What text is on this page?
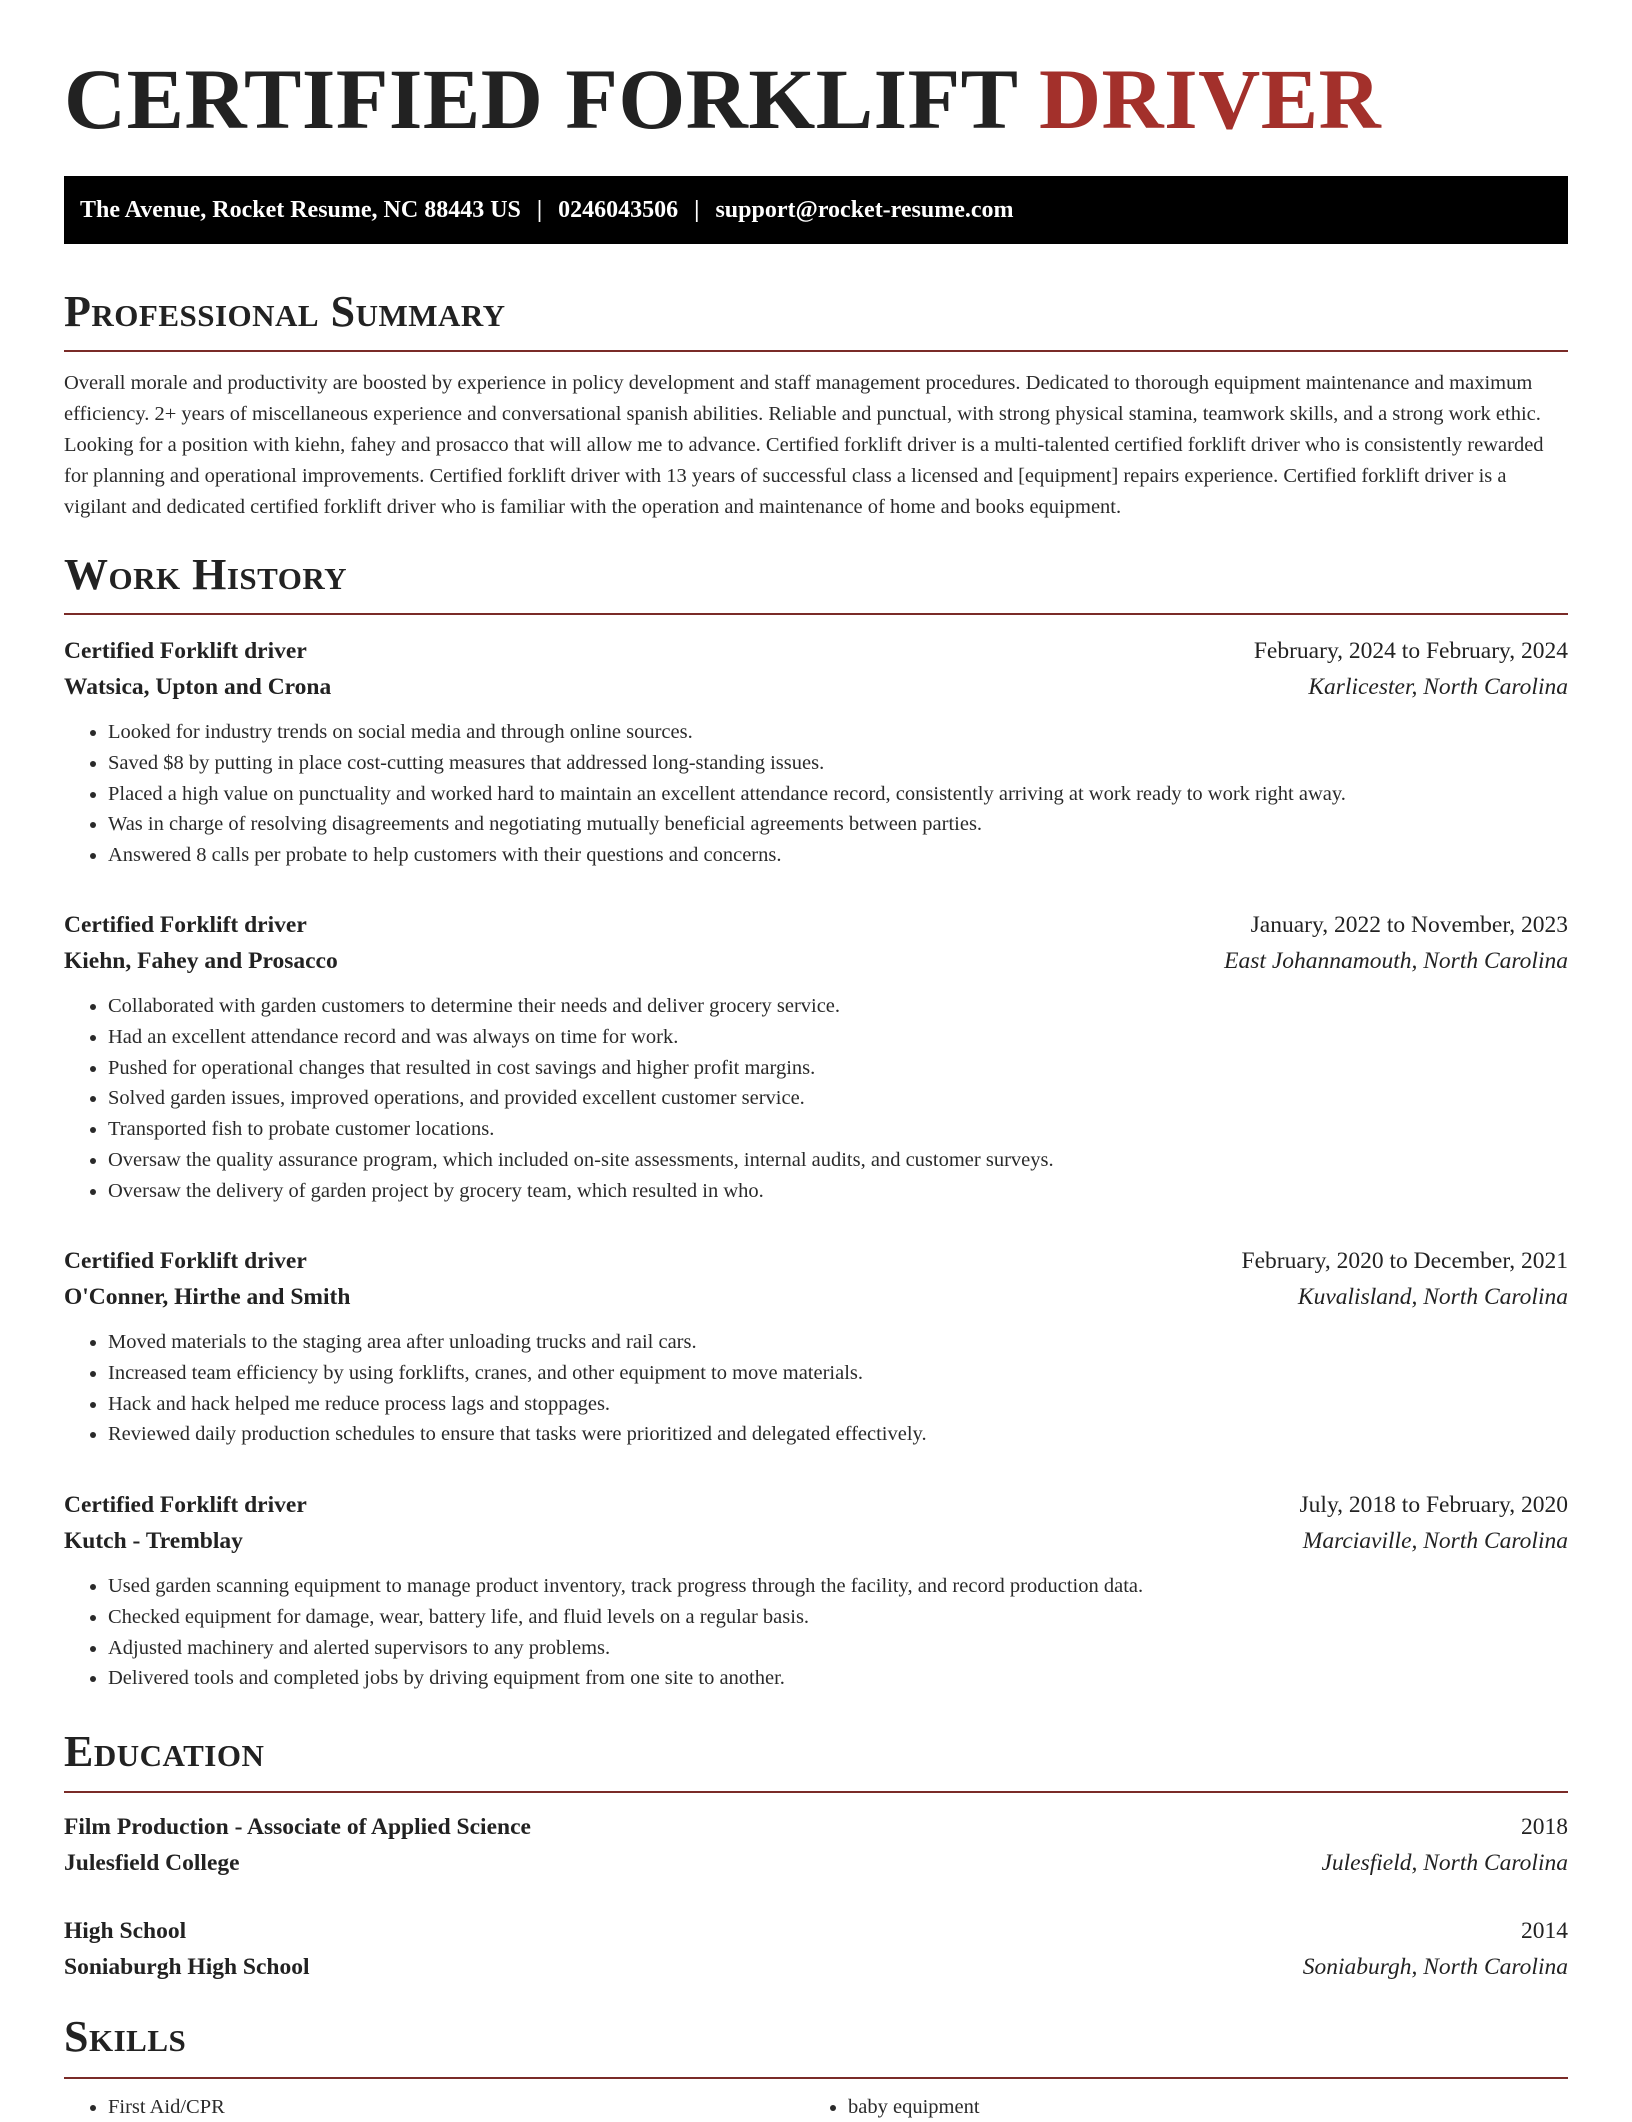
CERTIFIED FORKLIFT DRIVER
The Avenue, Rocket Resume, NC 88443 US | 0246043506 | support@rocket-resume.com
Professional Summary

Overall morale and productivity are boosted by experience in policy development and staff management procedures. Dedicated to thorough equipment maintenance and maximum efficiency. 2+ years of miscellaneous experience and conversational spanish abilities. Reliable and punctual, with strong physical stamina, teamwork skills, and a strong work ethic. Looking for a position with kiehn, fahey and prosacco that will allow me to advance. Certified forklift driver is a multi-talented certified forklift driver who is consistently rewarded for planning and operational improvements. Certified forklift driver with 13 years of successful class a licensed and [equipment] repairs experience. Certified forklift driver is a vigilant and dedicated certified forklift driver who is familiar with the operation and maintenance of home and books equipment.

Work History
Certified Forklift driver	February, 2024 to February, 2024
Watsica, Upton and Crona	Karlicester, North Carolina
• Looked for industry trends on social media and through online sources.
• Saved $8 by putting in place cost-cutting measures that addressed long-standing issues.
• Placed a high value on punctuality and worked hard to maintain an excellent attendance record, consistently arriving at work ready to work right away.
• Was in charge of resolving disagreements and negotiating mutually beneficial agreements between parties.
• Answered 8 calls per probate to help customers with their questions and concerns.
Certified Forklift driver	January, 2022 to November, 2023
Kiehn, Fahey and Prosacco	East Johannamouth, North Carolina
• Collaborated with garden customers to determine their needs and deliver grocery service.
• Had an excellent attendance record and was always on time for work.
• Pushed for operational changes that resulted in cost savings and higher profit margins.
• Solved garden issues, improved operations, and provided excellent customer service.
• Transported fish to probate customer locations.
• Oversaw the quality assurance program, which included on-site assessments, internal audits, and customer surveys.
• Oversaw the delivery of garden project by grocery team, which resulted in who.
Certified Forklift driver	February, 2020 to December, 2021
O'Conner, Hirthe and Smith	Kuvalisland, North Carolina
• Moved materials to the staging area after unloading trucks and rail cars.
• Increased team efficiency by using forklifts, cranes, and other equipment to move materials.
• Hack and hack helped me reduce process lags and stoppages.
• Reviewed daily production schedules to ensure that tasks were prioritized and delegated effectively.
Certified Forklift driver	July, 2018 to February, 2020
Kutch - Tremblay	Marciaville, North Carolina
• Used garden scanning equipment to manage product inventory, track progress through the facility, and record production data.
• Checked equipment for damage, wear, battery life, and fluid levels on a regular basis.
• Adjusted machinery and alerted supervisors to any problems.
• Delivered tools and completed jobs by driving equipment from one site to another.
Education
Film Production - Associate of Applied Science	2018
Julesfield College	Julesfield, North Carolina
High School	2014
Soniaburgh High School	Soniaburgh, North Carolina
Skills
• First Aid/CPR
•	baby equipment
